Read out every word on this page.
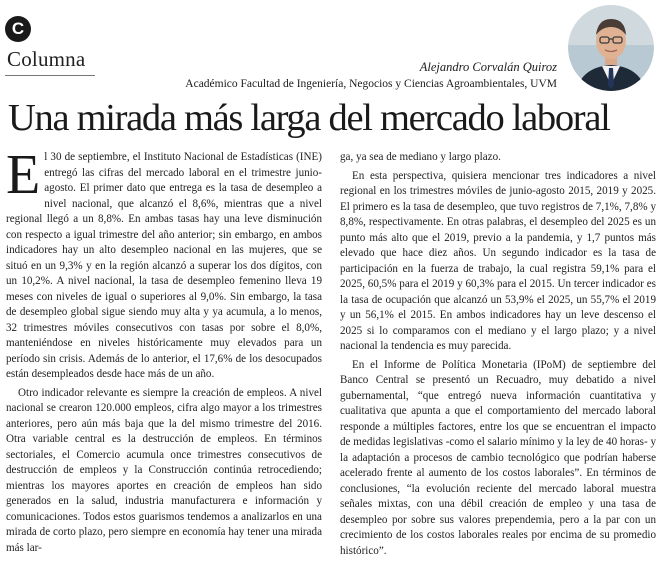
C
Columna	Alejandro Corvalán Quiroz
Académico Facultad de Ingeniería, Negocios y Ciencias Agroambientales, UVM
Una mirada más larga del mercado laboral

El 30 de septiembre, el Instituto Nacional de Estadísticas (INE) entregó las cifras del mercado laboral en el trimestre junio-agosto. El primer dato que entrega es la tasa de desempleo a nivel nacional, que alcanzó el 8,6%, mientras que a nivel regional llegó a un 8,8%. En ambas tasas hay una leve disminución con respecto a igual trimestre del año anterior; sin embargo, en ambos indicadores hay un alto desempleo nacional en las mujeres, que se situó en un 9,3% y en la región alcanzó a superar los dos dígitos, con un 10,2%. A nivel nacional, la tasa de desempleo femenino lleva 19 meses con niveles de igual o superiores al 9,0%. Sin embargo, la tasa de desempleo global sigue siendo muy alta y ya acumula, a lo menos, 32 trimestres móviles consecutivos con tasas por sobre el 8,0%, manteniéndose en niveles históricamente muy elevados para un período sin crisis. Además de lo anterior, el 17,6% de los desocupados están desempleados desde hace más de un año.

Otro indicador relevante es siempre la creación de empleos. A nivel nacional se crearon 120.000 empleos, cifra algo mayor a los trimestres anteriores, pero aún más baja que la del mismo trimestre del 2016. Otra variable central es la destrucción de empleos. En términos sectoriales, el Comercio acumula once trimestres consecutivos de destrucción de empleos y la Construcción continúa retrocediendo; mientras los mayores aportes en creación de empleos han sido generados en la salud, industria manufacturera e información y comunicaciones. Todos estos guarismos tendemos a analizarlos en una mirada de corto plazo, pero siempre en economía hay tener una mirada más lar-

ga, ya sea de mediano y largo plazo.

En esta perspectiva, quisiera mencionar tres indicadores a nivel regional en los trimestres móviles de junio-agosto 2015, 2019 y 2025. El primero es la tasa de desempleo, que tuvo registros de 7,1%, 7,8% y 8,8%, respectivamente. En otras palabras, el desempleo del 2025 es un punto más alto que el 2019, previo a la pandemia, y 1,7 puntos más elevado que hace diez años. Un segundo indicador es la tasa de participación en la fuerza de trabajo, la cual registra 59,1% para el 2025, 60,5% para el 2019 y 60,3% para el 2015. Un tercer indicador es la tasa de ocupación que alcanzó un 53,9% el 2025, un 55,7% el 2019 y un 56,1% el 2015. En ambos indicadores hay un leve descenso el 2025 si lo comparamos con el mediano y el largo plazo; y a nivel nacional la tendencia es muy parecida.

En el Informe de Política Monetaria (IPoM) de septiembre del Banco Central se presentó un Recuadro, muy debatido a nivel gubernamental, “que entregó nueva información cuantitativa y cualitativa que apunta a que el comportamiento del mercado laboral responde a múltiples factores, entre los que se encuentran el impacto de medidas legislativas -como el salario mínimo y la ley de 40 horas- y la adaptación a procesos de cambio tecnológico que podrían haberse acelerado frente al aumento de los costos laborales”. En términos de conclusiones, “la evolución reciente del mercado laboral muestra señales mixtas, con una débil creación de empleo y una tasa de desempleo por sobre sus valores prependemia, pero a la par con un crecimiento de los costos laborales reales por encima de su promedio histórico”.
